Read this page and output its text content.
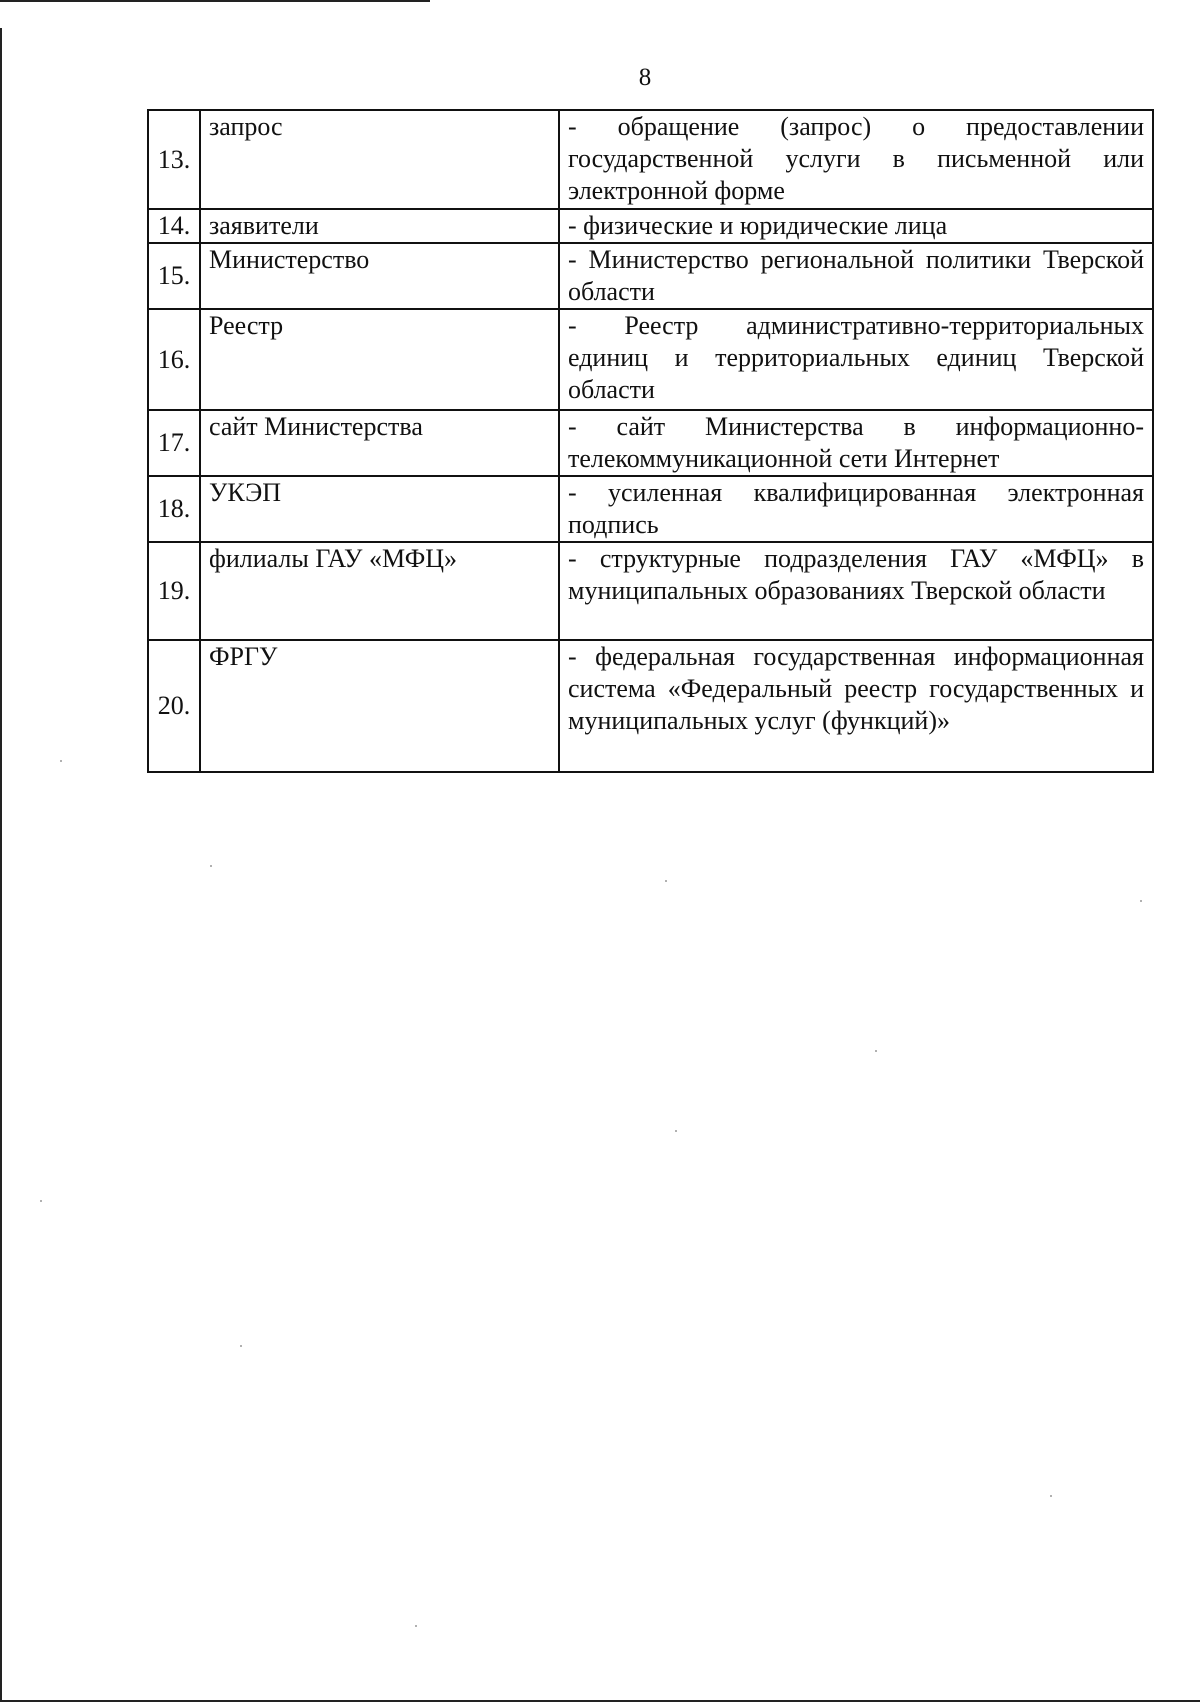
8
13.	запрос	- обращение (запрос) о предоставлении государственной услуги в письменной или электронной форме
14.	заявители	- физические и юридические лица
15.	Министерство	- Министерство региональной политики Тверской области
16.	Реестр	- Реестр административно-территориальных единиц и территориальных единиц Тверской области
17.	сайт Министерства	- сайт Министерства в информационно-телекоммуникационной сети Интернет
18.	УКЭП	- усиленная квалифицированная электронная подпись
19.	филиалы ГАУ «МФЦ»	- структурные подразделения ГАУ «МФЦ» в муниципальных образованиях Тверской области
20.	ФРГУ	- федеральная государственная информационная система «Федеральный реестр государственных и муниципальных услуг (функций)»
